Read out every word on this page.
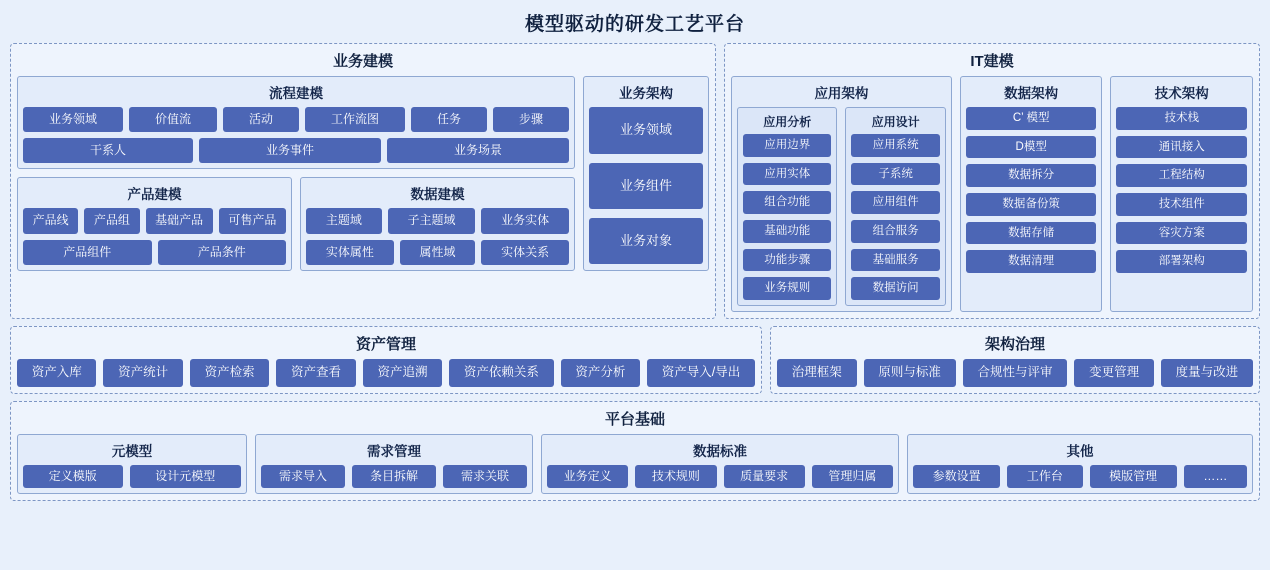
模型驱动的研发工艺平台
业务建模
流程建模
业务领域	价值流	活动	工作流图	任务	步骤
干系人	业务事件	业务场景
产品建模
产品线	产品组	基础产品	可售产品
产品组件	产品条件
数据建模
主题域	子主题域	业务实体
实体属性	属性域	实体关系
业务架构
业务领域
业务组件
业务对象
IT建模
应用架构
应用分析
应用边界
应用实体
组合功能
基础功能
功能步骤
业务规则
应用设计
应用系统
子系统
应用组件
组合服务
基础服务
数据访问
数据架构
C’ 模型
D模型
数据拆分
数据备份策
数据存储
数据清理
技术架构
技术栈
通讯接入
工程结构
技术组件
容灾方案
部署架构
资产管理
资产入库	资产统计	资产检索	资产查看	资产追溯	资产依赖关系	资产分析	资产导入/导出
架构治理
治理框架	原则与标准	合规性与评审	变更管理	度量与改进
平台基础
元模型
定义模版	设计元模型
需求管理
需求导入	条目拆解	需求关联
数据标准
业务定义	技术规则	质量要求	管理归属
其他
参数设置	工作台	模版管理	……
